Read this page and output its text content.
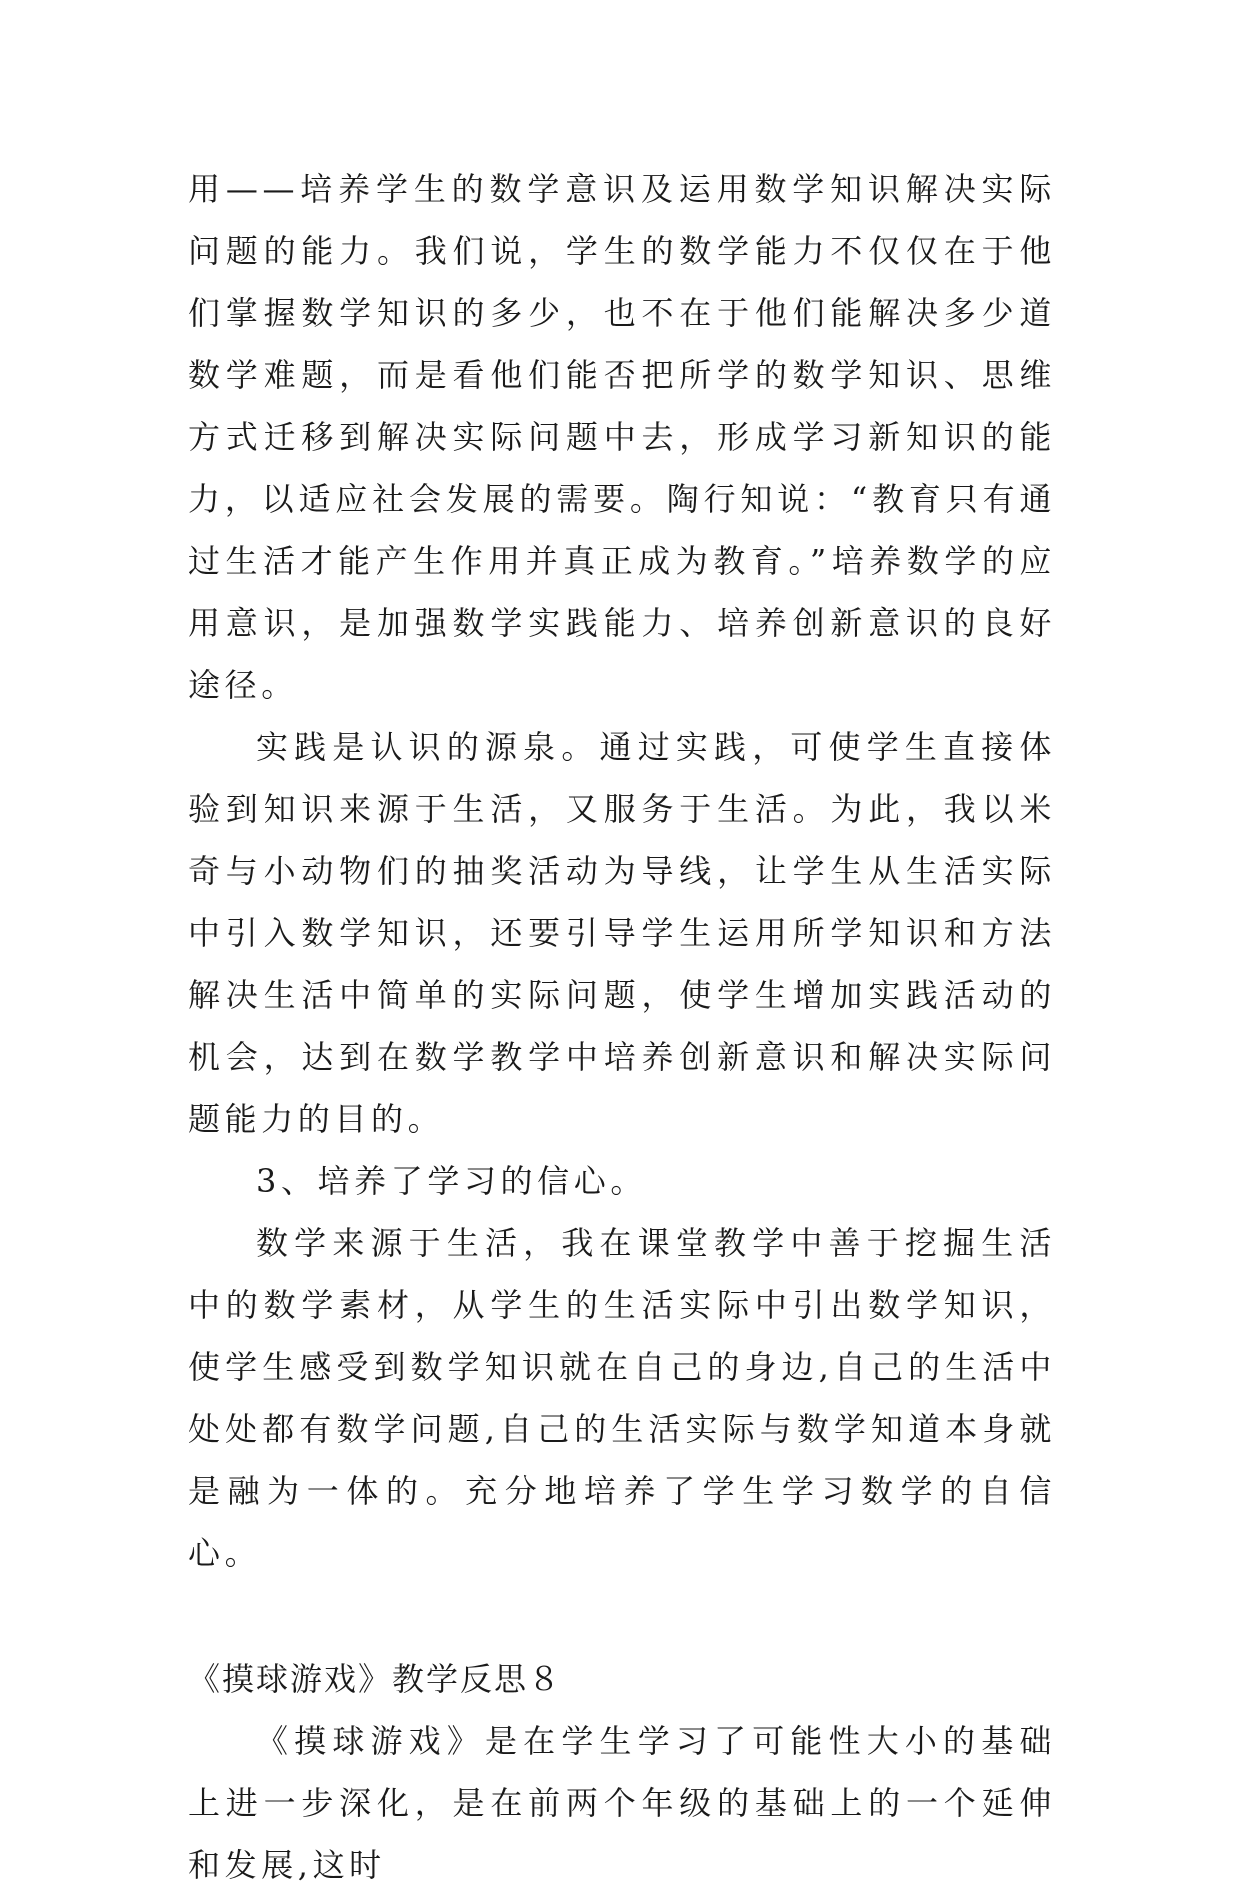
用——培养学生的数学意识及运用数学知识解决实际问题的能力。我们说，学生的数学能力不仅仅在于他们掌握数学知识的多少，也不在于他们能解决多少道数学难题，而是看他们能否把所学的数学知识、思维方式迁移到解决实际问题中去，形成学习新知识的能力，以适应社会发展的需要。陶行知说：“教育只有通过生活才能产生作用并真正成为教育。”培养数学的应用意识，是加强数学实践能力、培养创新意识的良好途径。

实践是认识的源泉。通过实践，可使学生直接体验到知识来源于生活，又服务于生活。为此，我以米奇与小动物们的抽奖活动为导线，让学生从生活实际中引入数学知识，还要引导学生运用所学知识和方法解决生活中简单的实际问题，使学生增加实践活动的机会，达到在数学教学中培养创新意识和解决实际问题能力的目的。

3、培养了学习的信心。

数学来源于生活，我在课堂教学中善于挖掘生活中的数学素材，从学生的生活实际中引出数学知识，使学生感受到数学知识就在自己的身边,自己的生活中处处都有数学问题,自己的生活实际与数学知道本身就是融为一体的。充分地培养了学生学习数学的自信心。

《摸球游戏》教学反思８

《摸球游戏》是在学生学习了可能性大小的基础上进一步深化，是在前两个年级的基础上的一个延伸和发展,这时
